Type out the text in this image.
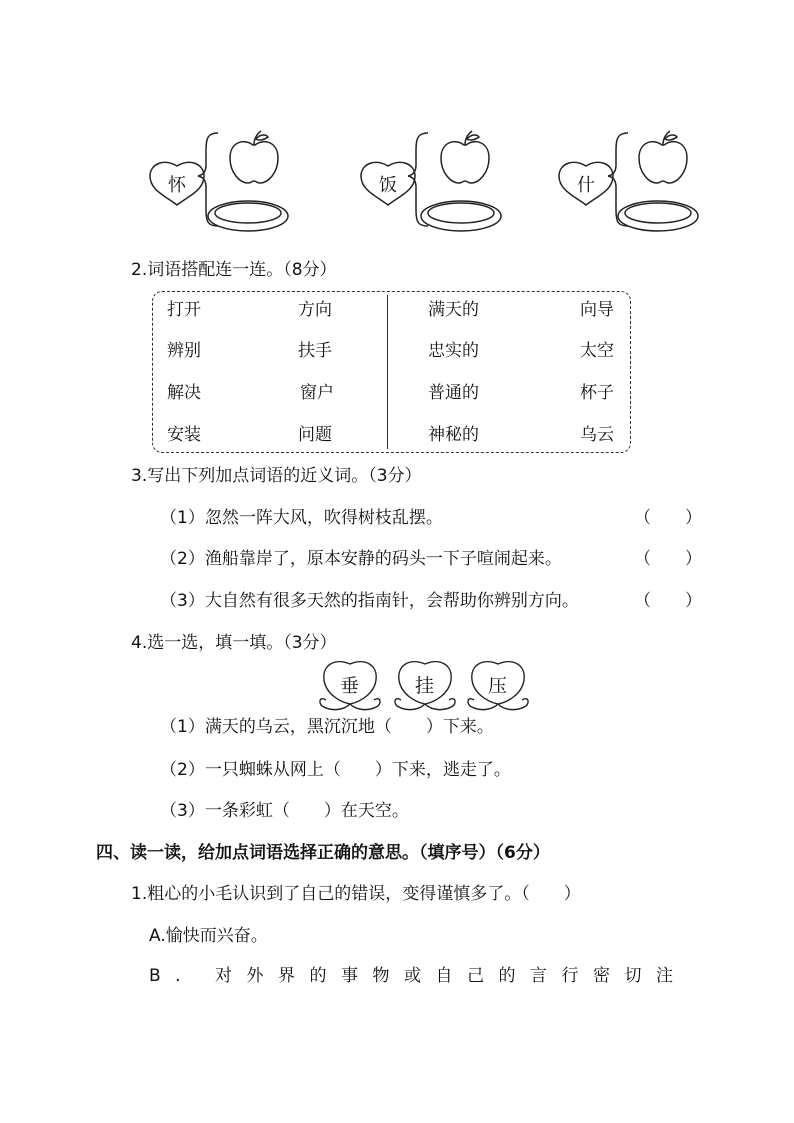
怀	饭	什
2.词语搭配连一连。（8分）
打开	方向
辨别	扶手
解决	窗户
安装	问题
满天的	向导
忠实的	太空
普通的	杯子
神秘的	乌云
3.写出下列加点词语的近义词。（3分）
（1）忽然一阵大风，吹得树枝乱摆。	（　　）
（2）渔船靠岸了，原本安静的码头一下子喧闹起来。	（　　）
（3）大自然有很多天然的指南针，会帮助你辨别方向。	（　　）
4.选一选，填一填。（3分）
垂	挂	压
（1）满天的乌云，黑沉沉地（　　）下来。
（2）一只蜘蛛从网上（　　）下来，逃走了。
（3）一条彩虹（　　）在天空。
四、读一读，给加点词语选择正确的意思。（填序号）（6分）
1.粗心的小毛认识到了自己的错误，变得谨慎多了。（　　）
A.愉快而兴奋。
B. 对外界的事物或自己的言行密切注
